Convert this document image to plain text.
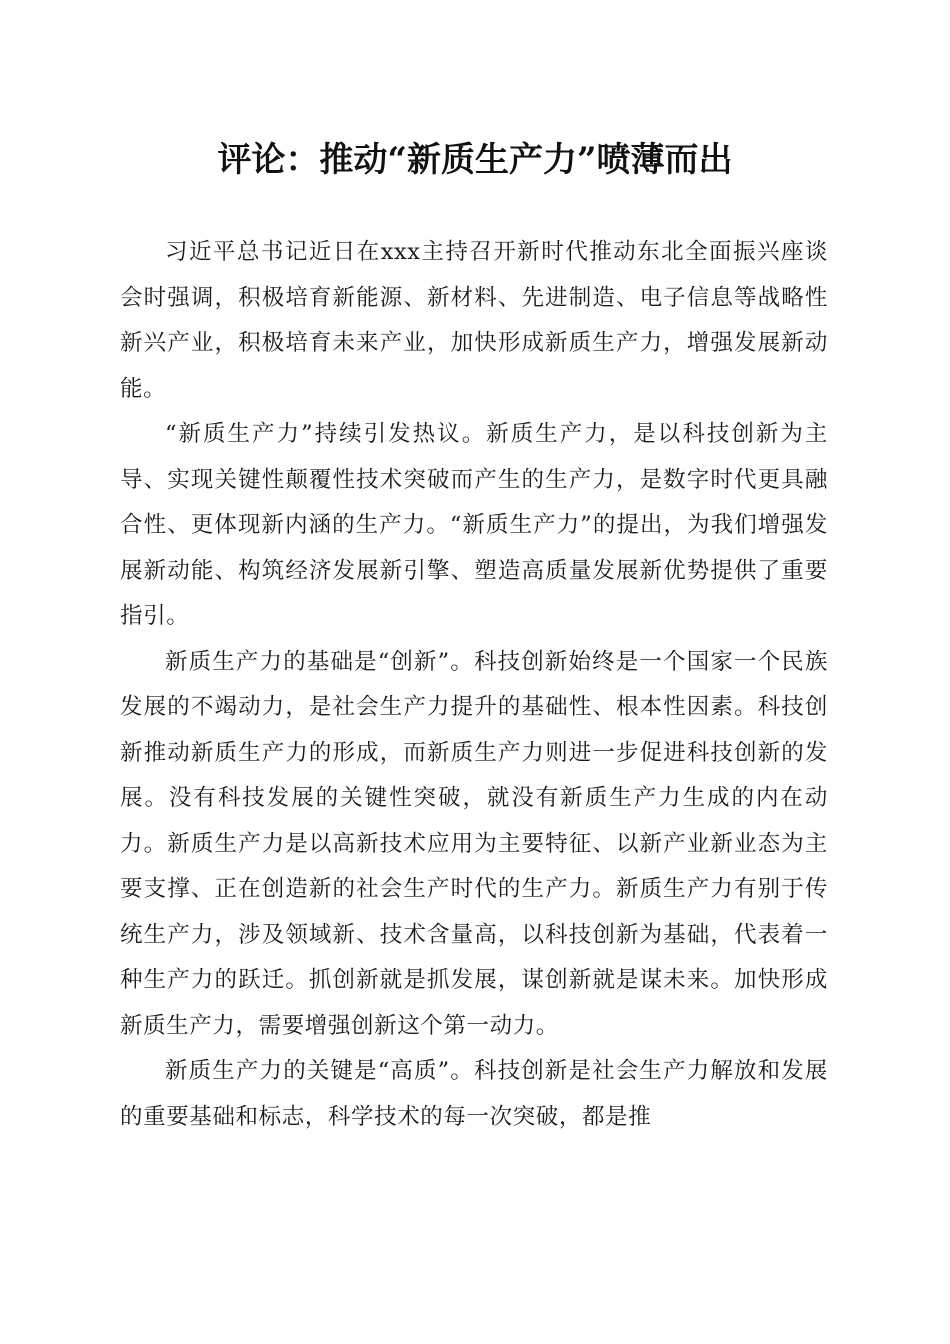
评论：推动“新质生产力”喷薄而出

习近平总书记近日在xxx主持召开新时代推动东北全面振兴座谈会时强调，积极培育新能源、新材料、先进制造、电子信息等战略性新兴产业，积极培育未来产业，加快形成新质生产力，增强发展新动能。

“新质生产力”持续引发热议。新质生产力，是以科技创新为主导、实现关键性颠覆性技术突破而产生的生产力，是数字时代更具融合性、更体现新内涵的生产力。“新质生产力”的提出，为我们增强发展新动能、构筑经济发展新引擎、塑造高质量发展新优势提供了重要指引。

新质生产力的基础是“创新”。科技创新始终是一个国家一个民族发展的不竭动力，是社会生产力提升的基础性、根本性因素。科技创新推动新质生产力的形成，而新质生产力则进一步促进科技创新的发展。没有科技发展的关键性突破，就没有新质生产力生成的内在动力。新质生产力是以高新技术应用为主要特征、以新产业新业态为主要支撑、正在创造新的社会生产时代的生产力。新质生产力有别于传统生产力，涉及领域新、技术含量高，以科技创新为基础，代表着一种生产力的跃迁。抓创新就是抓发展，谋创新就是谋未来。加快形成新质生产力，需要增强创新这个第一动力。

新质生产力的关键是“高质”。科技创新是社会生产力解放和发展的重要基础和标志，科学技术的每一次突破，都是推
